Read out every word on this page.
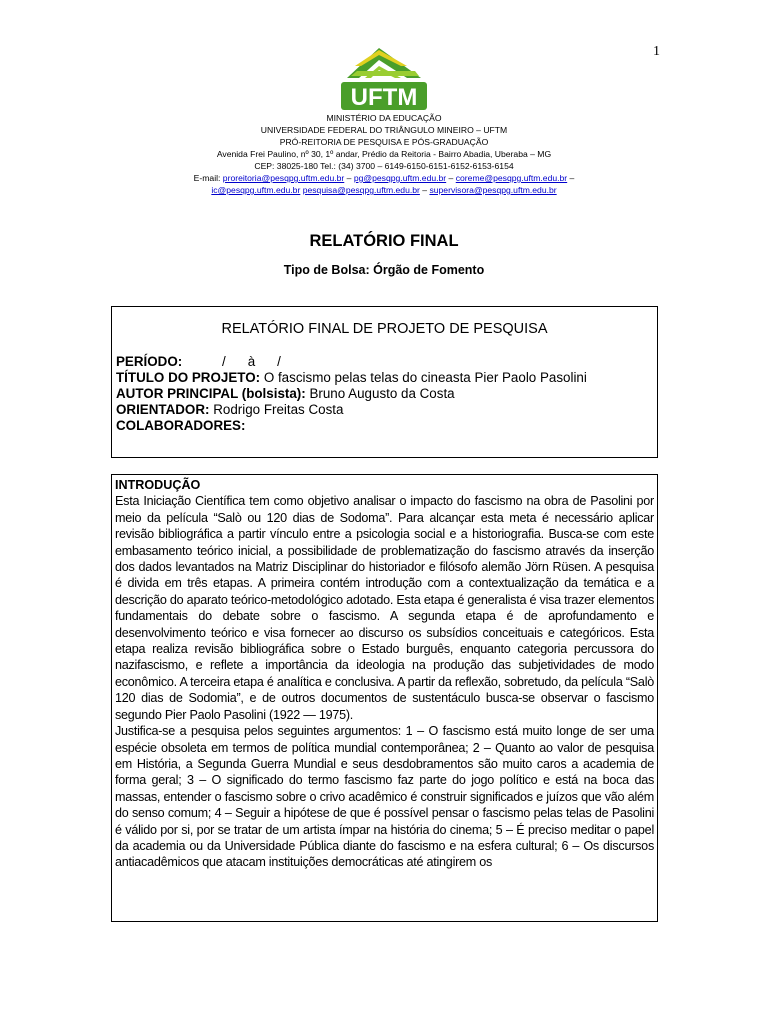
1
UFTM
MINISTÉRIO DA EDUCAÇÃO
UNIVERSIDADE FEDERAL DO TRIÂNGULO MINEIRO – UFTM
PRÓ-REITORIA DE PESQUISA E PÓS-GRADUAÇÃO
Avenida Frei Paulino, nº 30, 1º andar, Prédio da Reitoria - Bairro Abadia, Uberaba – MG
CEP: 38025-180 Tel.: (34) 3700 – 6149-6150-6151-6152-6153-6154
E-mail: proreitoria@pesqpg.uftm.edu.br – pg@pesqpg.uftm.edu.br – coreme@pesqpg.uftm.edu.br –
ic@pesqpg.uftm.edu.br pesquisa@pesqpg.uftm.edu.br – supervisora@pesqpg.uftm.edu.br
RELATÓRIO FINAL
Tipo de Bolsa: Órgão de Fomento
RELATÓRIO FINAL DE PROJETO DE PESQUISA
PERÍODO:	/ à /
TÍTULO DO PROJETO: O fascismo pelas telas do cineasta Pier Paolo Pasolini
AUTOR PRINCIPAL (bolsista): Bruno Augusto da Costa
ORIENTADOR: Rodrigo Freitas Costa
COLABORADORES:
INTRODUÇÃO

Esta Iniciação Científica tem como objetivo analisar o impacto do fascismo na obra de Pasolini por meio da película “Salò ou 120 dias de Sodoma”. Para alcançar esta meta é necessário aplicar revisão bibliográfica a partir vínculo entre a psicologia social e a historiografia. Busca-se com este embasamento teórico inicial, a possibilidade de problematização do fascismo através da inserção dos dados levantados na Matriz Disciplinar do historiador e filósofo alemão Jörn Rüsen. A pesquisa é divida em três etapas. A primeira contém introdução com a contextualização da temática e a descrição do aparato teórico-metodológico adotado. Esta etapa é generalista é visa trazer elementos fundamentais do debate sobre o fascismo. A segunda etapa é de aprofundamento e desenvolvimento teórico e visa fornecer ao discurso os subsídios conceituais e categóricos. Esta etapa realiza revisão bibliográfica sobre o Estado burguês, enquanto categoria percussora do nazifascismo, e reflete a importância da ideologia na produção das subjetividades de modo econômico. A terceira etapa é analítica e conclusiva. A partir da reflexão, sobretudo, da película “Salò 120 dias de Sodomia”, e de outros documentos de sustentáculo busca-se observar o fascismo segundo Pier Paolo Pasolini (1922 — 1975).

Justifica-se a pesquisa pelos seguintes argumentos: 1 – O fascismo está muito longe de ser uma espécie obsoleta em termos de política mundial contemporânea; 2 – Quanto ao valor de pesquisa em História, a Segunda Guerra Mundial e seus desdobramentos são muito caros a academia de forma geral; 3 – O significado do termo fascismo faz parte do jogo político e está na boca das massas, entender o fascismo sobre o crivo acadêmico é construir significados e juízos que vão além do senso comum; 4 – Seguir a hipótese de que é possível pensar o fascismo pelas telas de Pasolini é válido por si, por se tratar de um artista ímpar na história do cinema; 5 – É preciso meditar o papel da academia ou da Universidade Pública diante do fascismo e na esfera cultural; 6 – Os discursos antiacadêmicos que atacam instituições democráticas até atingirem os
